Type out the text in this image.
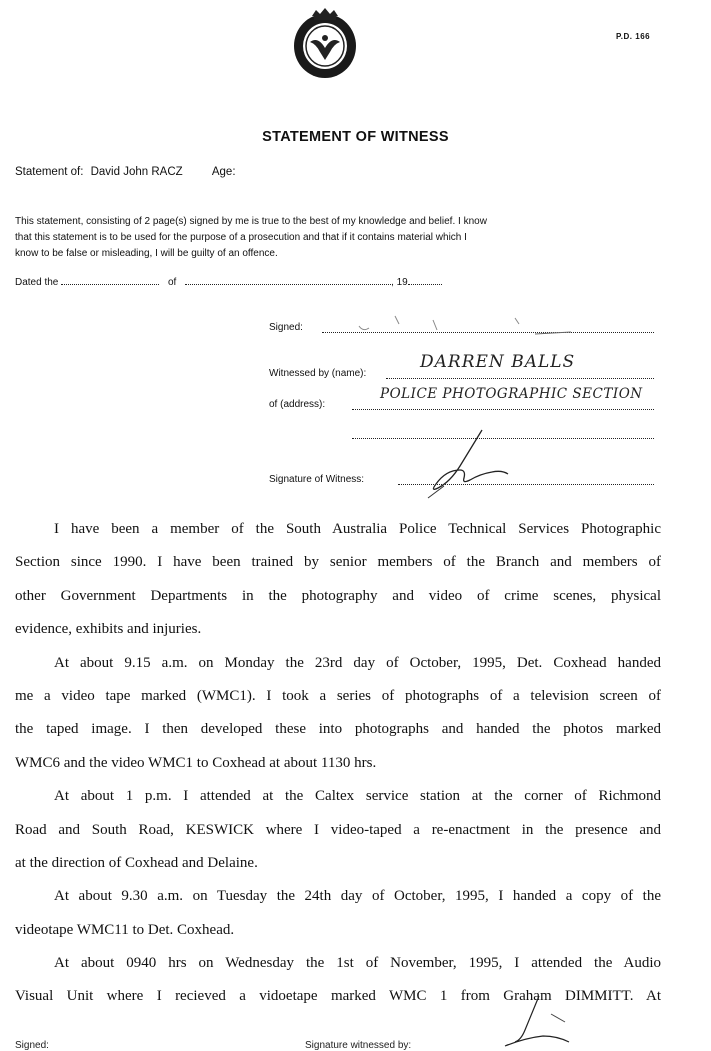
P.D. 166
STATEMENT OF WITNESS
Statement of: David John RACZ	Age:
This statement, consisting of 2 page(s) signed by me is true to the best of my knowledge and belief. I know
that this statement is to be used for the purpose of a prosecution and that if it contains material which I
know to be false or misleading, I will be guilty of an offence.
Dated the	of	, 19
Signed:
Witnessed by (name):
DARREN BALLS
of (address):
POLICE PHOTOGRAPHIC SECTION
Signature of Witness:

I have been a member of the South Australia Police Technical Services Photographic
Section since 1990. I have been trained by senior members of the Branch and members of
other Government Departments in the photography and video of crime scenes, physical
evidence, exhibits and injuries.

At about 9.15 a.m. on Monday the 23rd day of October, 1995, Det. Coxhead handed
me a video tape marked (WMC1). I took a series of photographs of a television screen of
the taped image. I then developed these into photographs and handed the photos marked
WMC6 and the video WMC1 to Coxhead at about 1130 hrs.

At about 1 p.m. I attended at the Caltex service station at the corner of Richmond
Road and South Road, KESWICK where I video-taped a re-enactment in the presence and
at the direction of Coxhead and Delaine.

At about 9.30 a.m. on Tuesday the 24th day of October, 1995, I handed a copy of the
videotape WMC11 to Det. Coxhead.

At about 0940 hrs on Wednesday the 1st of November, 1995, I attended the Audio
Visual Unit where I recieved a vidoetape marked WMC 1 from Graham DIMMITT. At

Signed:	Signature witnessed by:
